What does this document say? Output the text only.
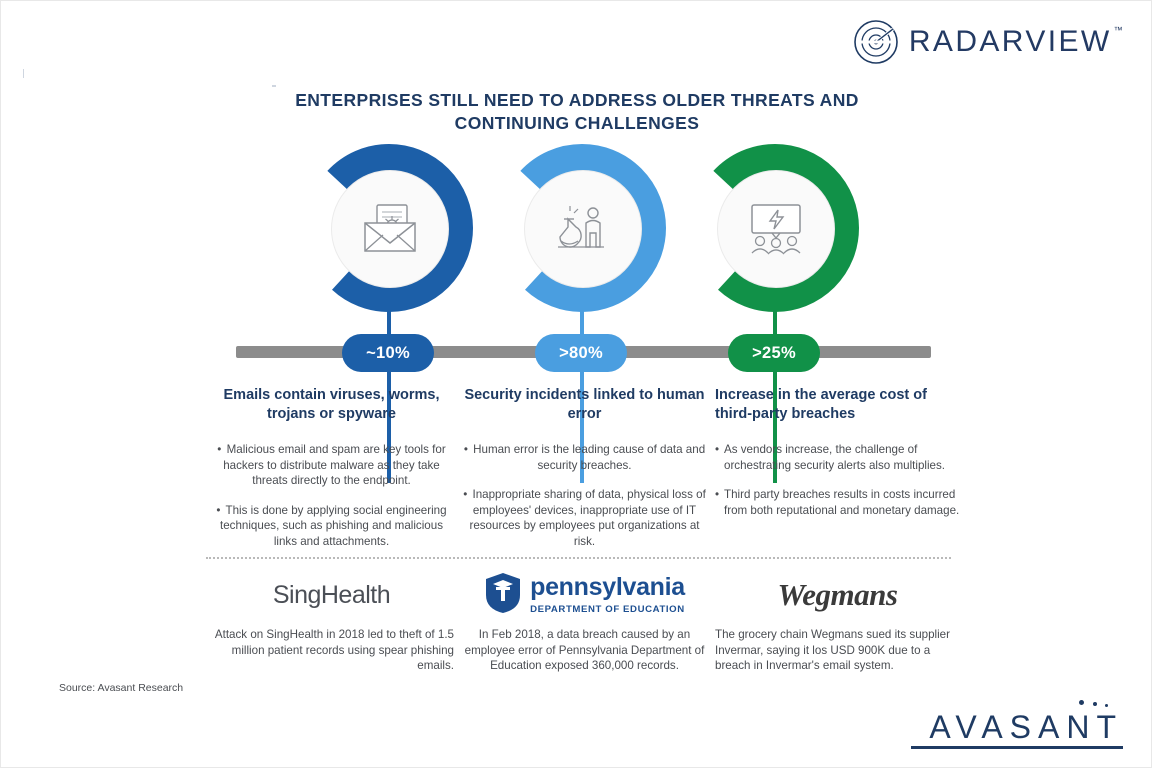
RADARVIEW ™
ENTERPRISES STILL NEED TO ADDRESS OLDER THREATS AND
CONTINUING CHALLENGES
~10%	>80%	>25%
Emails contain viruses, worms, trojans or spyware
• Malicious email and spam are key tools for hackers to distribute malware as they take threats directly to the endpoint.
• This is done by applying social engineering techniques, such as phishing and malicious links and attachments.
Security incidents linked to human error
• Human error is the leading cause of data and security breaches.
• Inappropriate sharing of data, physical loss of employees' devices, inappropriate use of IT resources by employees put organizations at risk.
Increase in the average cost of third-party breaches
• As vendors increase, the challenge of orchestrating security alerts also multiplies.
• Third party breaches results in costs incurred from both reputational and monetary damage.
SingHealth
Attack on SingHealth in 2018 led to theft of 1.5 million patient records using spear phishing emails.
pennsylvania
DEPARTMENT OF EDUCATION
In Feb 2018, a data breach caused by an employee error of Pennsylvania Department of Education exposed 360,000 records.
Wegmans
The grocery chain Wegmans sued its supplier Invermar, saying it los USD 900K due to a breach in Invermar's email system.
Source: Avasant Research
AVASANT
